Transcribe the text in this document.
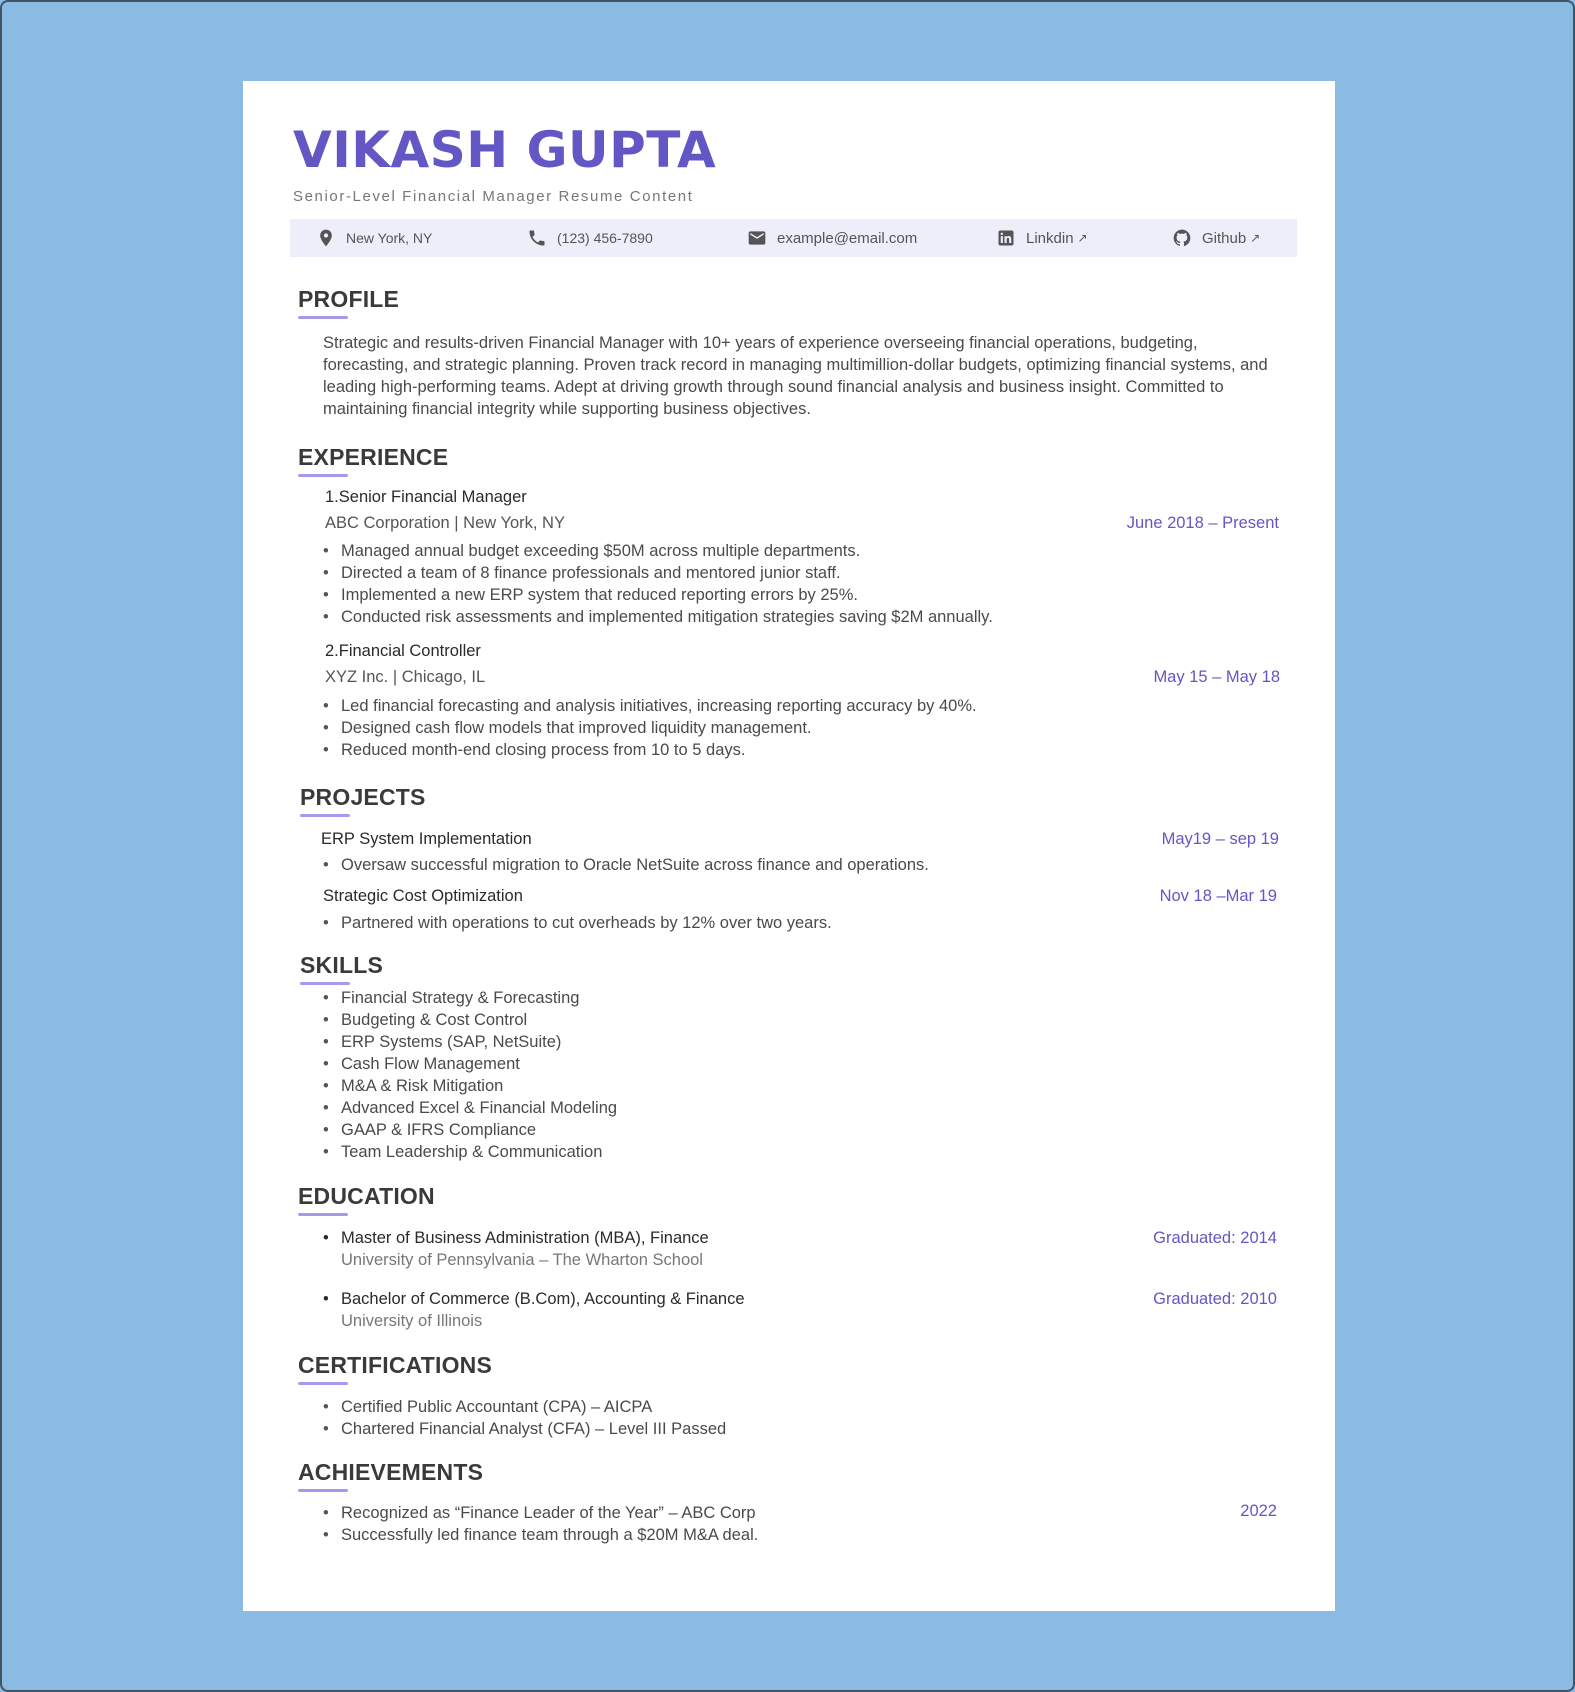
VIKASH GUPTA
Senior-Level Financial Manager Resume Content
New York, NY	(123) 456-7890	example@email.com	Linkdin ↗	Github ↗
PROFILE
Strategic and results-driven Financial Manager with 10+ years of experience overseeing financial operations, budgeting, forecasting, and strategic planning. Proven track record in managing multimillion-dollar budgets, optimizing financial systems, and leading high-performing teams. Adept at driving growth through sound financial analysis and business insight. Committed to maintaining financial integrity while supporting business objectives.
EXPERIENCE
1.Senior Financial Manager
ABC Corporation | New York, NY	June 2018 – Present
• Managed annual budget exceeding $50M across multiple departments.
• Directed a team of 8 finance professionals and mentored junior staff.
• Implemented a new ERP system that reduced reporting errors by 25%.
• Conducted risk assessments and implemented mitigation strategies saving $2M annually.
2.Financial Controller
XYZ Inc. | Chicago, IL	May 15 – May 18
• Led financial forecasting and analysis initiatives, increasing reporting accuracy by 40%.
• Designed cash flow models that improved liquidity management.
• Reduced month-end closing process from 10 to 5 days.
PROJECTS
ERP System Implementation	May19 – sep 19
• Oversaw successful migration to Oracle NetSuite across finance and operations.
Strategic Cost Optimization	Nov 18 –Mar 19
• Partnered with operations to cut overheads by 12% over two years.
SKILLS
• Financial Strategy & Forecasting
• Budgeting & Cost Control
• ERP Systems (SAP, NetSuite)
• Cash Flow Management
• M&A & Risk Mitigation
• Advanced Excel & Financial Modeling
• GAAP & IFRS Compliance
• Team Leadership & Communication
EDUCATION
• Master of Business Administration (MBA), Finance
University of Pennsylvania – The Wharton School
Graduated: 2014
• Bachelor of Commerce (B.Com), Accounting & Finance
University of Illinois
Graduated: 2010
CERTIFICATIONS
• Certified Public Accountant (CPA) – AICPA
• Chartered Financial Analyst (CFA) – Level III Passed
ACHIEVEMENTS
• Recognized as “Finance Leader of the Year” – ABC Corp
• Successfully led finance team through a $20M M&A deal.
2022
